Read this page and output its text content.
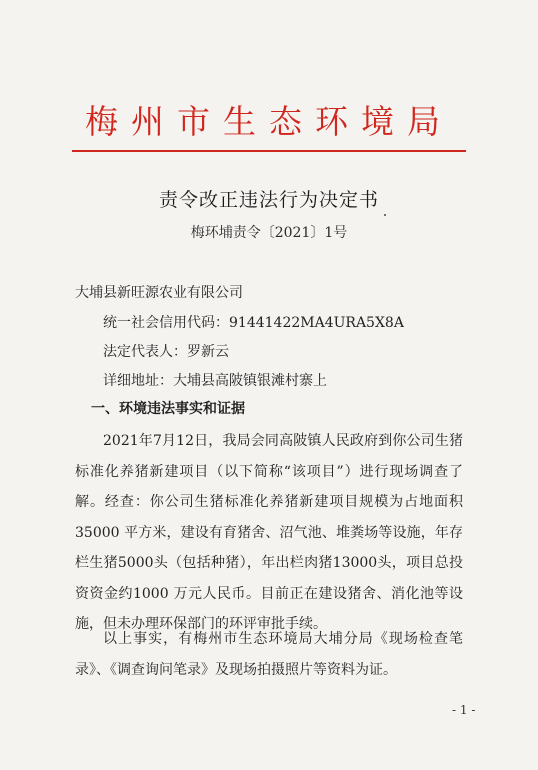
梅州市生态环境局
责令改正违法行为决定书
梅环埔责令〔2021〕1号
大埔县新旺源农业有限公司
统一社会信用代码：91441422MA4URA5X8A
法定代表人：罗新云
详细地址：大埔县高陂镇银滩村寨上
一、环境违法事实和证据

2021年7月12日，我局会同高陂镇人民政府到你公司生猪标准化养猪新建项目（以下简称“该项目”）进行现场调查了解。经查：你公司生猪标准化养猪新建项目规模为占地面积 35000 平方米，建设有育猪舍、沼气池、堆粪场等设施，年存栏生猪5000头（包括种猪），年出栏肉猪13000头，项目总投资资金约1000 万元人民币。目前正在建设猪舍、消化池等设施，但未办理环保部门的环评审批手续。

以上事实，有梅州市生态环境局大埔分局《现场检查笔录》、《调查询问笔录》及现场拍摄照片等资料为证。

- 1 -
